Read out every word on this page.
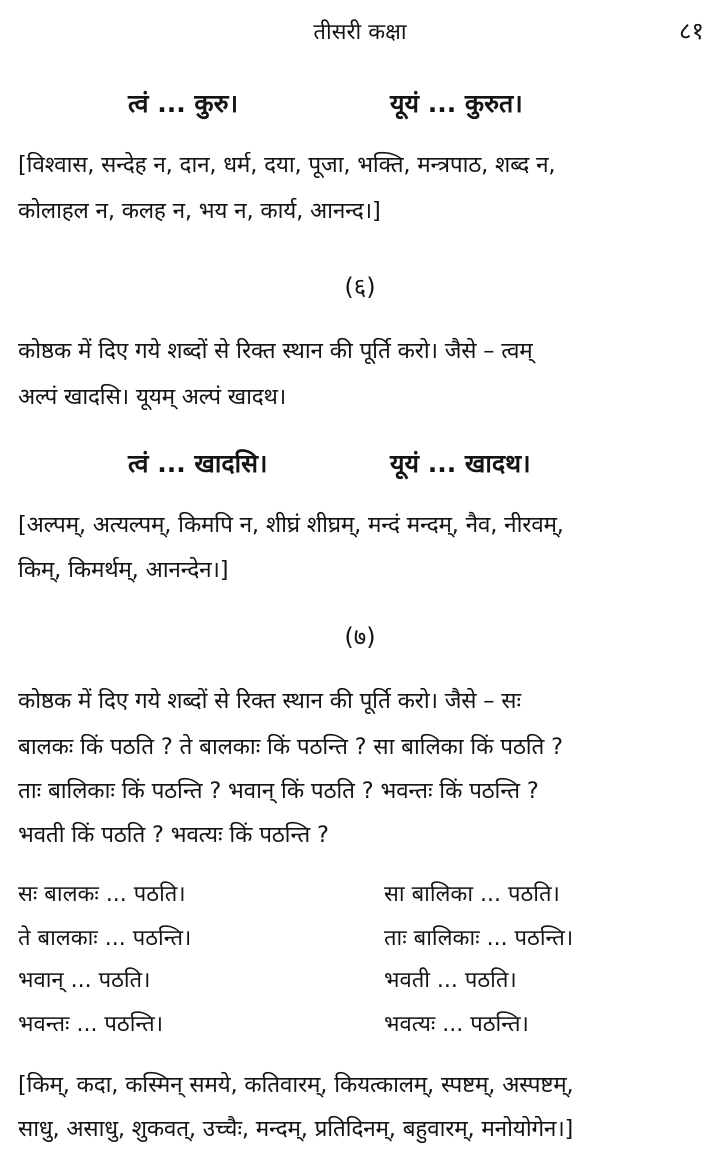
तीसरी कक्षा	८१
त्वं ... कुरु।	यूयं ... कुरुत।
[विश्वास, सन्देह न, दान, धर्म, दया, पूजा, भक्ति, मन्त्रपाठ, शब्द न,
कोलाहल न, कलह न, भय न, कार्य, आनन्द।]
(६)
कोष्ठक में दिए गये शब्दों से रिक्त स्थान की पूर्ति करो। जैसे – त्वम्
अल्पं खादसि। यूयम् अल्पं खादथ।
त्वं ... खादसि।	यूयं ... खादथ।
[अल्पम्, अत्यल्पम्, किमपि न, शीघ्रं शीघ्रम्, मन्दं मन्दम्, नैव, नीरवम्,
किम्, किमर्थम्, आनन्देन।]
(७)
कोष्ठक में दिए गये शब्दों से रिक्त स्थान की पूर्ति करो। जैसे – सः
बालकः किं पठति ? ते बालकाः किं पठन्ति ? सा बालिका किं पठति ?
ताः बालिकाः किं पठन्ति ? भवान् किं पठति ? भवन्तः किं पठन्ति ?
भवती किं पठति ? भवत्यः किं पठन्ति ?
सः बालकः ... पठति।	सा बालिका ... पठति।
ते बालकाः ... पठन्ति।	ताः बालिकाः ... पठन्ति।
भवान् ... पठति।	भवती ... पठति।
भवन्तः ... पठन्ति।	भवत्यः ... पठन्ति।
[किम्, कदा, कस्मिन् समये, कतिवारम्, कियत्कालम्, स्पष्टम्, अस्पष्टम्,
साधु, असाधु, शुकवत्, उच्चैः, मन्दम्, प्रतिदिनम्, बहुवारम्, मनोयोगेन।]
